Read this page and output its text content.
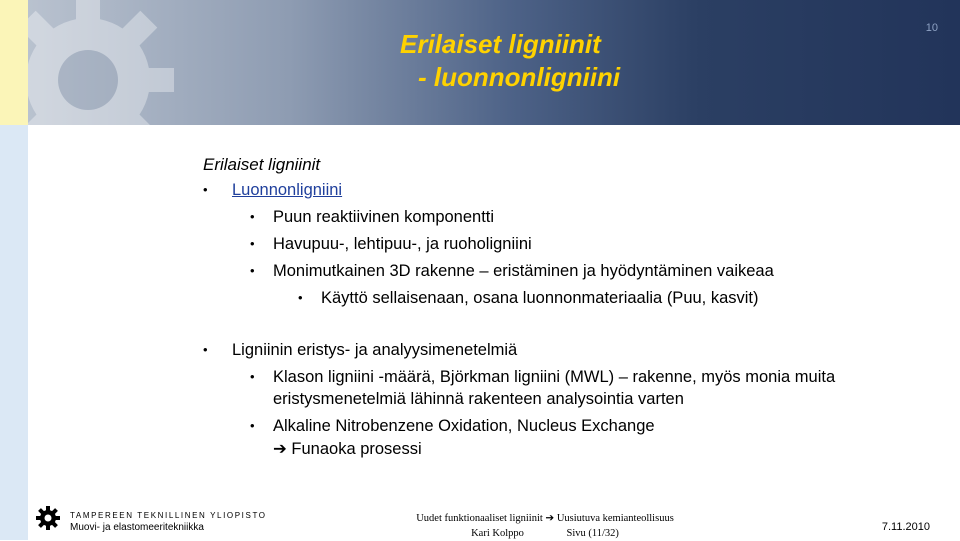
Erilaiset ligniinit
- luonnonligniini
10

Erilaiset ligniinit

• Luonnonligniini
• Puun reaktiivinen komponentti
• Havupuu-, lehtipuu-, ja ruoholigniini
• Monimutkainen 3D rakenne – eristäminen ja hyödyntäminen vaikeaa
• Käyttö sellaisenaan, osana luonnonmateriaalia (Puu, kasvit)
• Ligniinin eristys- ja analyysimenetelmiä
• Klason ligniini -määrä, Björkman ligniini (MWL) – rakenne, myös monia muita eristysmenetelmiä lähinnä rakenteen analysointia varten
• Alkaline Nitrobenzene Oxidation, Nucleus Exchange
➔ Funaoka prosessi
TAMPEREEN TEKNILLINEN YLIOPISTO
Muovi- ja elastomeeritekniikka
Uudet funktionaaliset ligniinit ➔ Uusiutuva kemianteollisuus
Kari Kolppo	Sivu (11/32)
7.11.2010
